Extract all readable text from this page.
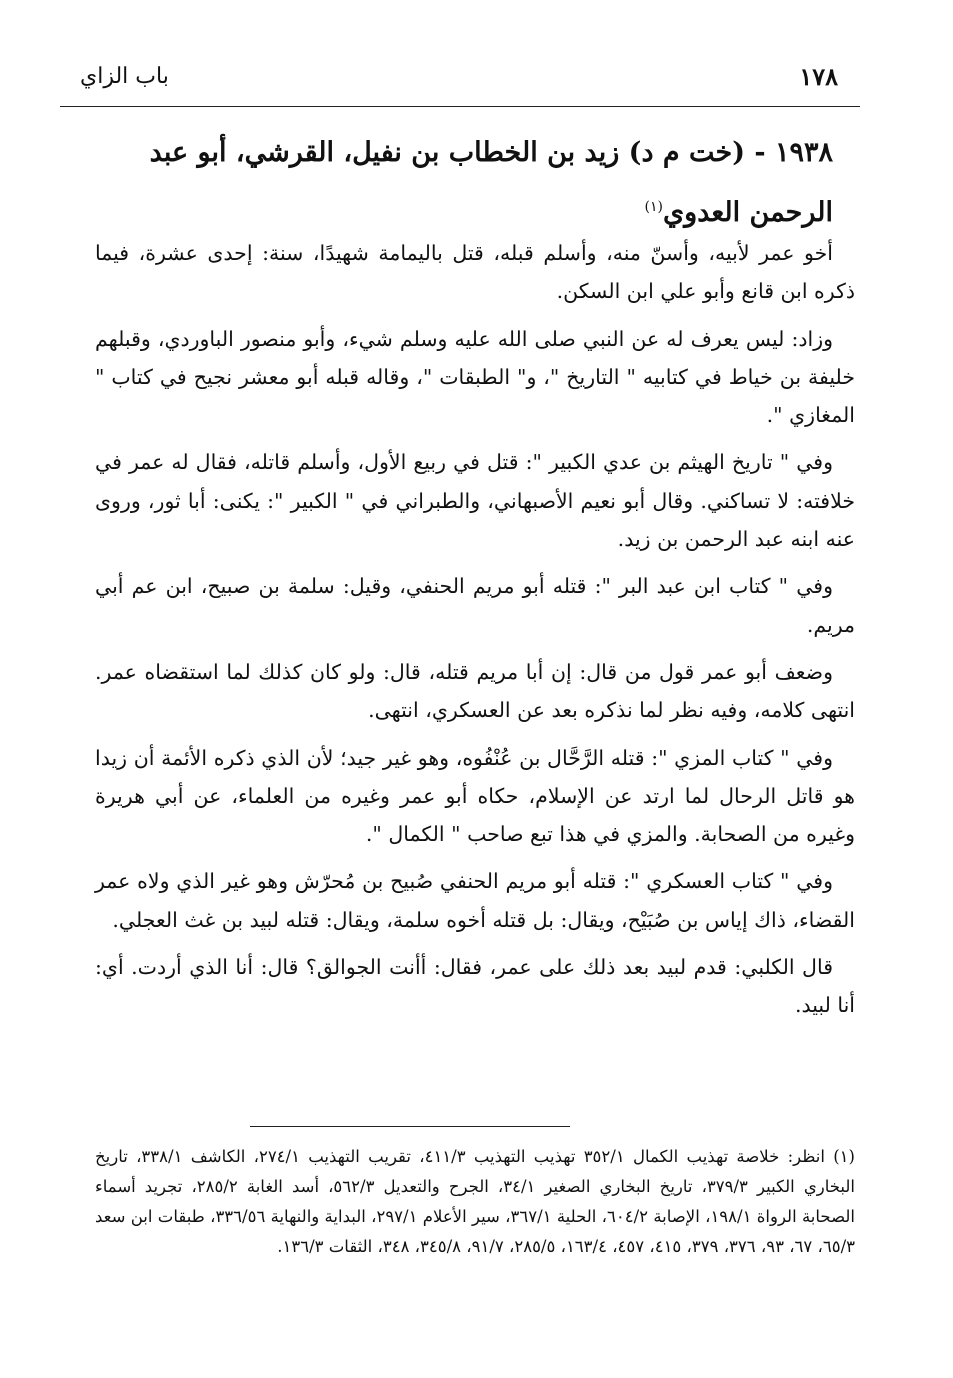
١٧٨
باب الزاي
١٩٣٨ - (خت م د) زيد بن الخطاب بن نفيل، القرشي، أبو عبد الرحمن العدوي$^{(١)}$

أخو عمر لأبيه، وأسنّ منه، وأسلم قبله، قتل باليمامة شهيدًا، سنة: إحدى عشرة، فيما ذكره ابن قانع وأبو علي ابن السكن.

وزاد: ليس يعرف له عن النبي صلى الله عليه وسلم شيء، وأبو منصور الباوردي، وقبلهم خليفة بن خياط في كتابيه " التاريخ "، و" الطبقات "، وقاله قبله أبو معشر نجيح في كتاب " المغازي ".

وفي " تاريخ الهيثم بن عدي الكبير ": قتل في ربيع الأول، وأسلم قاتله، فقال له عمر في خلافته: لا تساكني. وقال أبو نعيم الأصبهاني، والطبراني في " الكبير ": يكنى: أبا ثور، وروى عنه ابنه عبد الرحمن بن زيد.

وفي " كتاب ابن عبد البر ": قتله أبو مريم الحنفي، وقيل: سلمة بن صبيح، ابن عم أبي مريم.

وضعف أبو عمر قول من قال: إن أبا مريم قتله، قال: ولو كان كذلك لما استقضاه عمر. انتهى كلامه، وفيه نظر لما نذكره بعد عن العسكري، انتهى.

وفي " كتاب المزي ": قتله الرَّحَّال بن عُنْفُوه، وهو غير جيد؛ لأن الذي ذكره الأئمة أن زيدا هو قاتل الرحال لما ارتد عن الإسلام، حكاه أبو عمر وغيره من العلماء، عن أبي هريرة وغيره من الصحابة. والمزي في هذا تبع صاحب " الكمال ".

وفي " كتاب العسكري ": قتله أبو مريم الحنفي صُبيح بن مُحرّش وهو غير الذي ولاه عمر القضاء، ذاك إياس بن صُبَيْح، ويقال: بل قتله أخوه سلمة، ويقال: قتله لبيد بن غث العجلي.

قال الكلبي: قدم لبيد بعد ذلك على عمر، فقال: أأنت الجوالق؟ قال: أنا الذي أردت. أي: أنا لبيد.

(١) انظر: خلاصة تهذيب الكمال ٣٥٢/١ تهذيب التهذيب ٤١١/٣، تقريب التهذيب ٢٧٤/١، الكاشف ٣٣٨/١، تاريخ البخاري الكبير ٣٧٩/٣، تاريخ البخاري الصغير ٣٤/١، الجرح والتعديل ٥٦٢/٣، أسد الغابة ٢٨٥/٢، تجريد أسماء الصحابة الرواة ١٩٨/١، الإصابة ٦٠٤/٢، الحلية ٣٦٧/١، سير الأعلام ٢٩٧/١، البداية والنهاية ٣٣٦/٥٦، طبقات ابن سعد ٦٥/٣، ٦٧، ٩٣، ٣٧٦، ٣٧٩، ٤١٥، ٤٥٧، ١٦٣/٤، ٢٨٥/٥، ٩١/٧، ٣٤٥/٨، ٣٤٨، الثقات ١٣٦/٣.
